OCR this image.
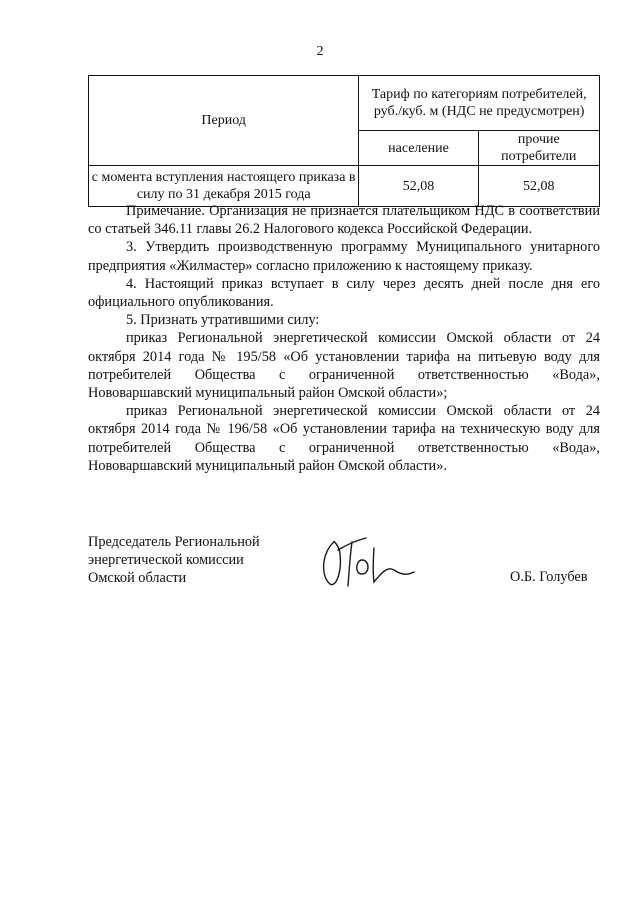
2
Период	Тариф по категориям потребителей, руб./куб. м (НДС не предусмотрен)	
	население	прочие потребители
с момента вступления настоящего приказа в силу по 31 декабря 2015 года	52,08	52,08

Примечание. Организация не признается плательщиком НДС в соответствии со статьей 346.11 главы 26.2 Налогового кодекса Российской Федерации.

3. Утвердить производственную программу Муниципального унитарного предприятия «Жилмастер» согласно приложению к настоящему приказу.

4. Настоящий приказ вступает в силу через десять дней после дня его официального опубликования.

5. Признать утратившими силу:

приказ Региональной энергетической комиссии Омской области от 24 октября 2014 года № 195/58 «Об установлении тарифа на питьевую воду для потребителей Общества с ограниченной ответственностью «Вода», Нововаршавский муниципальный район Омской области»;

приказ Региональной энергетической комиссии Омской области от 24 октября 2014 года № 196/58 «Об установлении тарифа на техническую воду для потребителей Общества с ограниченной ответственностью «Вода», Нововаршавский муниципальный район Омской области».

Председатель Региональной
энергетической комиссии
Омской области	О.Б. Голубев
